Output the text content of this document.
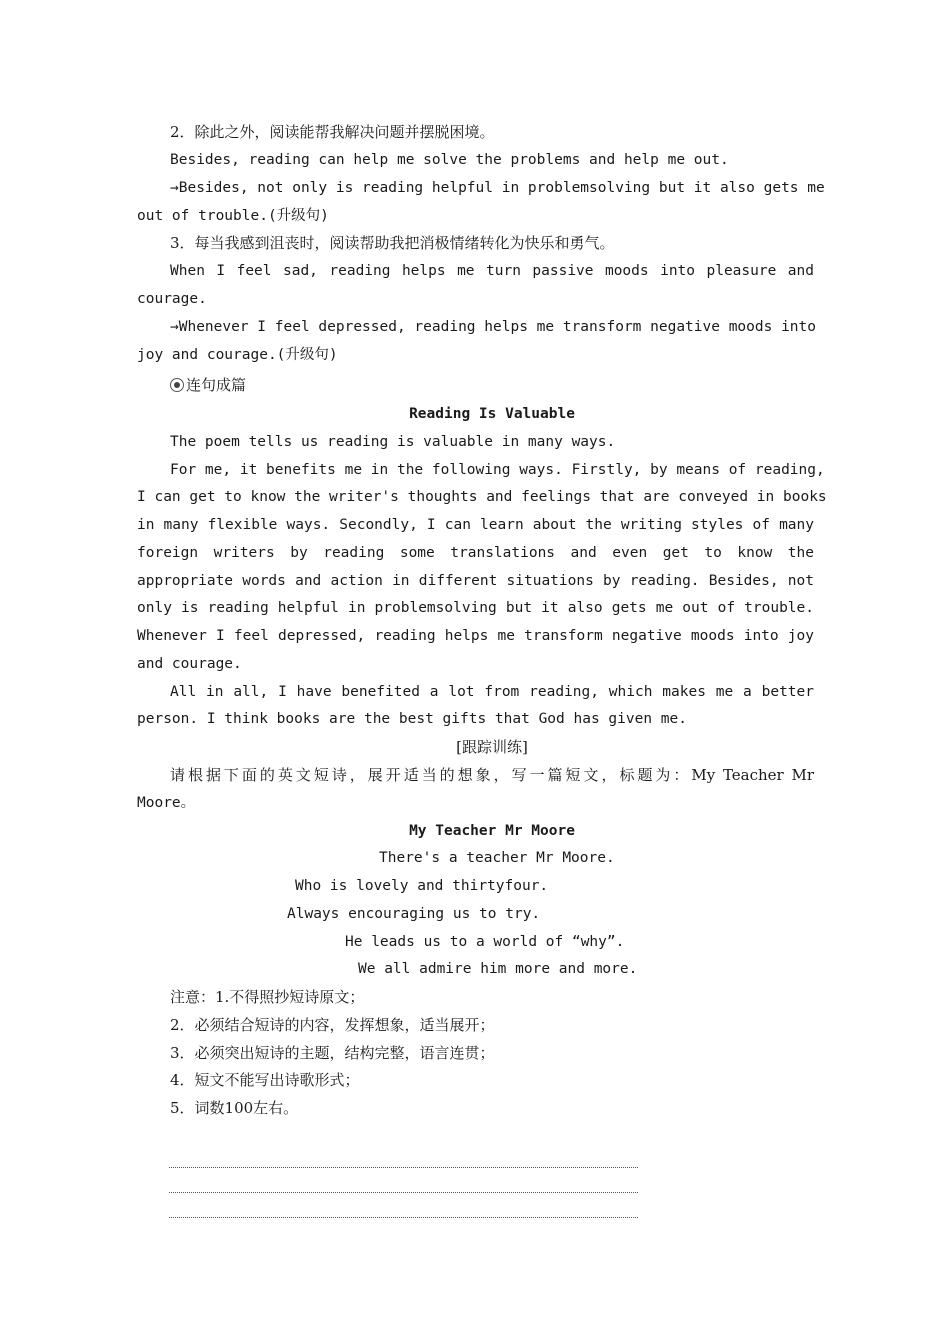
2．除此之外，阅读能帮我解决问题并摆脱困境。
Besides, reading can help me solve the problems and help me out.
→Besides, not only is reading helpful in problemsolving but it also gets me
out of trouble.(升级句)
3．每当我感到沮丧时，阅读帮助我把消极情绪转化为快乐和勇气。
When I feel sad, reading helps me turn passive moods into pleasure and
courage.
→Whenever I feel depressed, reading helps me transform negative moods into
joy and courage.(升级句)
连句成篇
Reading Is Valuable
The poem tells us reading is valuable in many ways.
For me, it benefits me in the following ways. Firstly, by means of reading,
I can get to know the writer's thoughts and feelings that are conveyed in books
in many flexible ways. Secondly, I can learn about the writing styles of many
foreign writers by reading some translations and even get to know the
appropriate words and action in different situations by reading. Besides, not
only is reading helpful in problemsolving but it also gets me out of trouble.
Whenever I feel depressed, reading helps me transform negative moods into joy
and courage.
All in all, I have benefited a lot from reading, which makes me a better
person. I think books are the best gifts that God has given me.
[跟踪训练]
请根据下面的英文短诗，展开适当的想象，写一篇短文，标题为：My Teacher Mr
Moore。
My Teacher Mr Moore
There's a teacher Mr Moore.
Who is lovely and thirtyfour.
Always encouraging us to try.
He leads us to a world of “why”.
We all admire him more and more.
注意：1.不得照抄短诗原文；
2．必须结合短诗的内容，发挥想象，适当展开；
3．必须突出短诗的主题，结构完整，语言连贯；
4．短文不能写出诗歌形式；
5．词数100左右。
